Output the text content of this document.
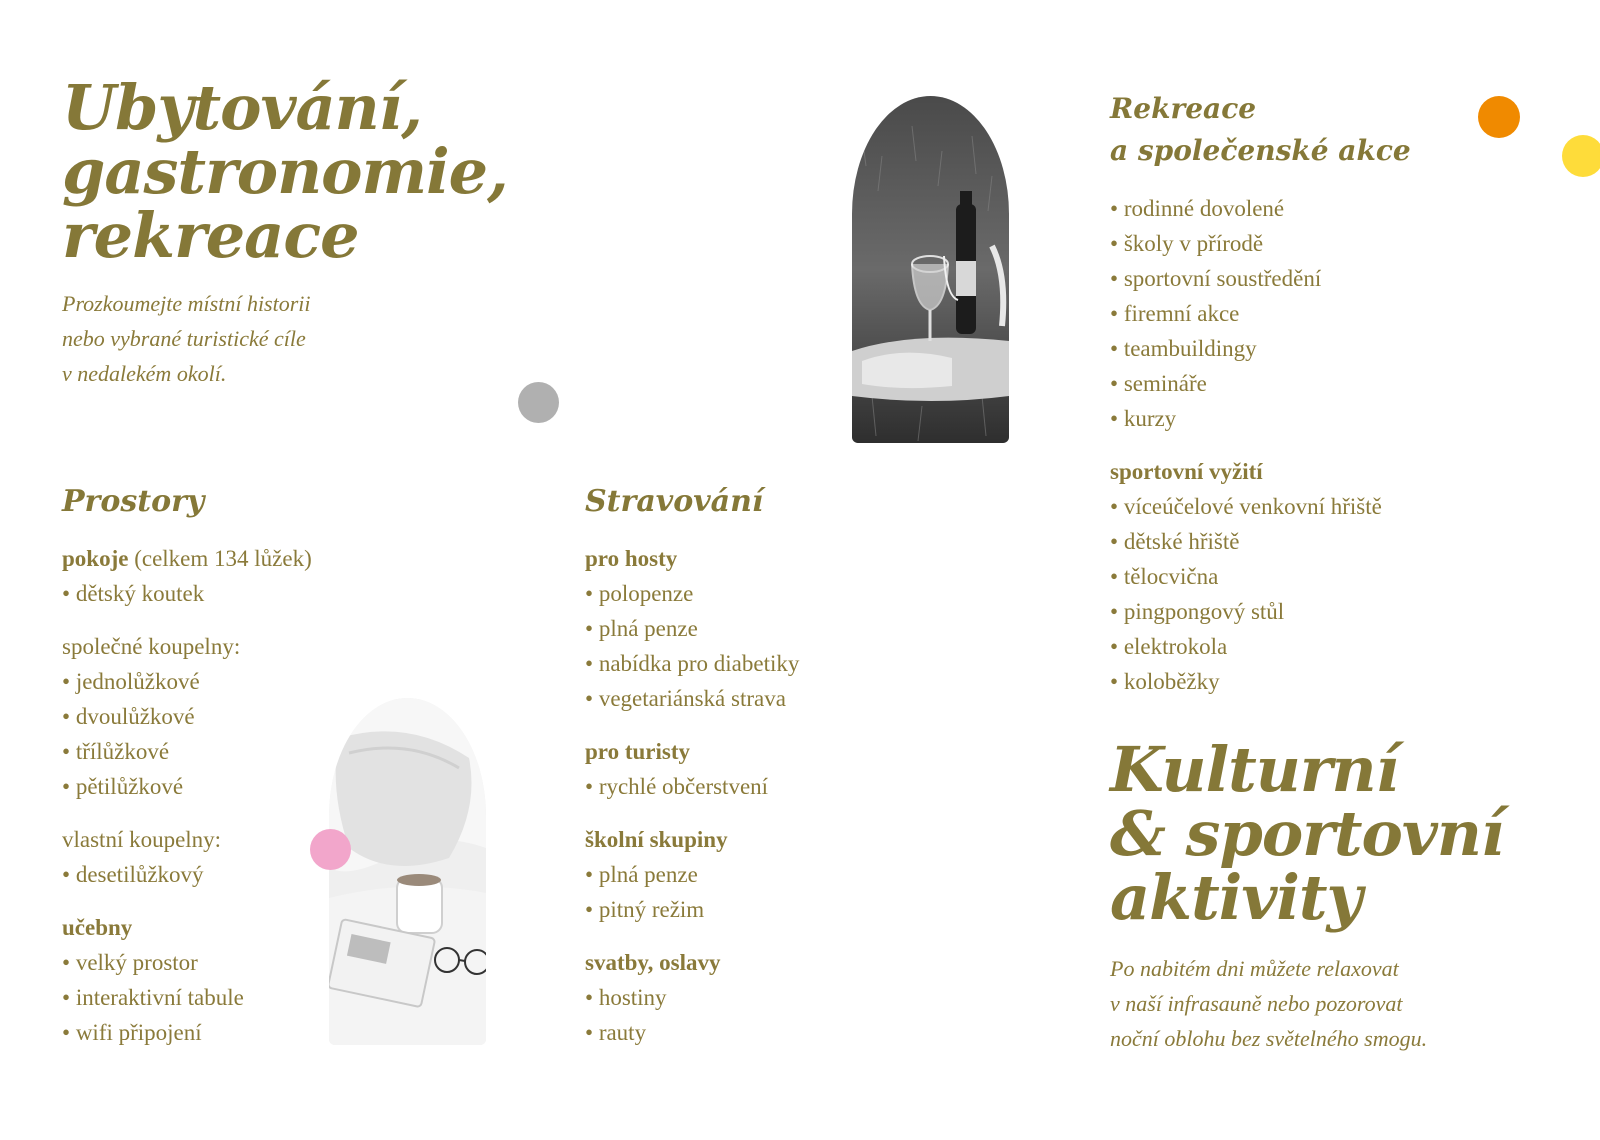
Ubytování,
gastronomie,
rekreace

Prozkoumejte místní historii
nebo vybrané turistické cíle
v nedalekém okolí.

Prostory
pokoje (celkem 134 lůžek)
• dětský koutek
společné koupelny:
• jednolůžkové
• dvoulůžkové
• třílůžkové
• pětilůžkové
vlastní koupelny:
• desetilůžkový
učebny
• velký prostor
• interaktivní tabule
• wifi připojení
Stravování
pro hosty
• polopenze
• plná penze
• nabídka pro diabetiky
• vegetariánská strava
pro turisty
• rychlé občerstvení
školní skupiny
• plná penze
• pitný režim
svatby, oslavy
• hostiny
• rauty
Rekreace
a společenské akce
• rodinné dovolené
• školy v přírodě
• sportovní soustředění
• firemní akce
• teambuildingy
• semináře
• kurzy
sportovní vyžití
• víceúčelové venkovní hřiště
• dětské hřiště
• tělocvična
• pingpongový stůl
• elektrokola
• koloběžky
Kulturní
& sportovní
aktivity

Po nabitém dni můžete relaxovat
v naší infrasauně nebo pozorovat
noční oblohu bez světelného smogu.
